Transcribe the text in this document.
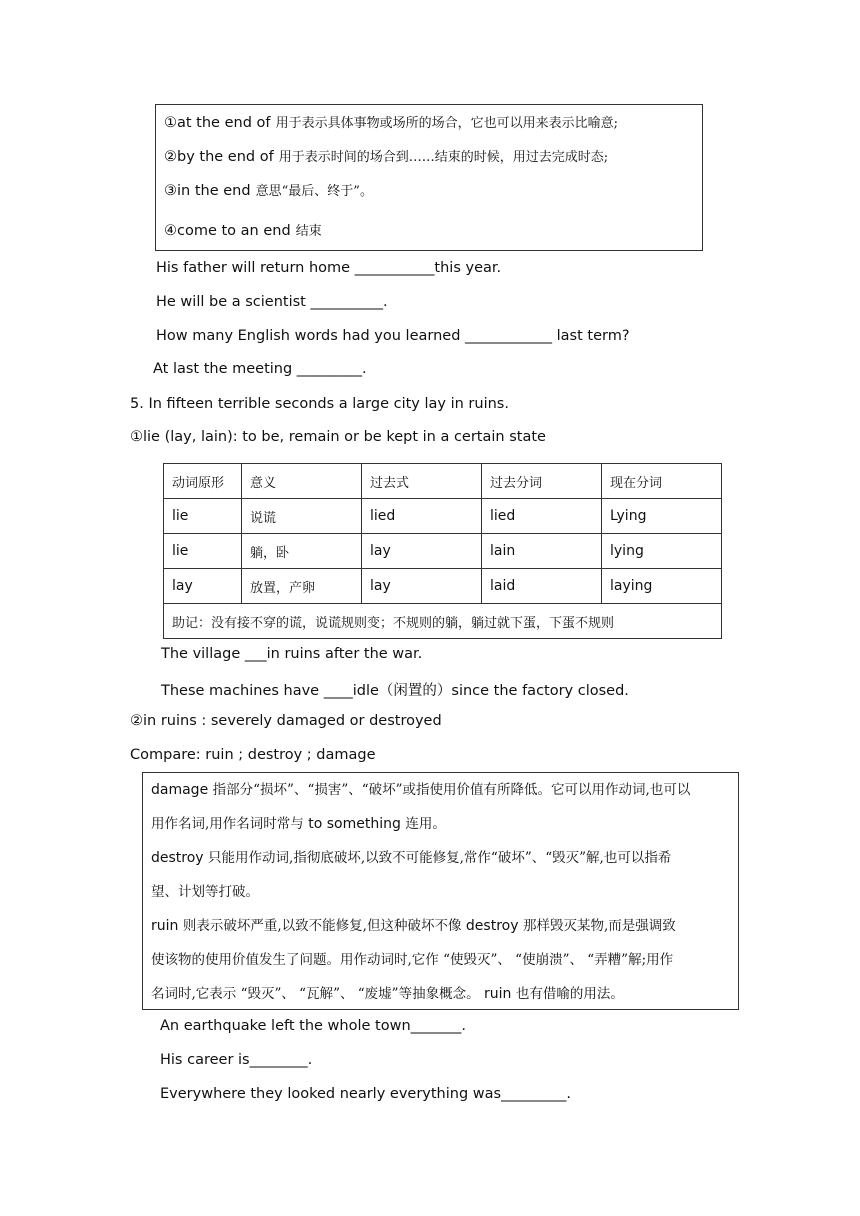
①at the end of 用于表示具体事物或场所的场合，它也可以用来表示比喻意;
②by the end of 用于表示时间的场合到……结束的时候，用过去完成时态;
③in the end 意思“最后、终于”。
④come to an end 结束
His father will return home ___________this year.
He will be a scientist __________.
How many English words had you learned ____________ last term?
At last the meeting _________.
5. In fifteen terrible seconds a large city lay in ruins.
①lie (lay, lain): to be, remain or be kept in a certain state
动词原形	意义	过去式	过去分词	现在分词
lie	说谎	lied	lied	Lying
lie	躺，卧	lay	lain	lying
lay	放置，产卵	lay	laid	laying
助记：没有接不穿的谎，说谎规则变；不规则的躺，躺过就下蛋，下蛋不规则				
The village ___in ruins after the war.
These machines have ____idle（闲置的）since the factory closed.
②in ruins : severely damaged or destroyed
Compare: ruin ; destroy ; damage
damage 指部分“损坏”、“损害”、“破坏”或指使用价值有所降低。它可以用作动词,也可以
用作名词,用作名词时常与 to something 连用。
destroy 只能用作动词,指彻底破坏,以致不可能修复,常作“破坏”、“毁灭”解,也可以指希
望、计划等打破。
ruin 则表示破坏严重,以致不能修复,但这种破坏不像 destroy 那样毁灭某物,而是强调致
使该物的使用价值发生了问题。用作动词时,它作 “使毁灭”、 “使崩溃”、 “弄糟”解;用作
名词时,它表示 “毁灭”、 “瓦解”、 “废墟”等抽象概念。 ruin 也有借喻的用法。
An earthquake left the whole town_______.
His career is________.
Everywhere they looked nearly everything was_________.
